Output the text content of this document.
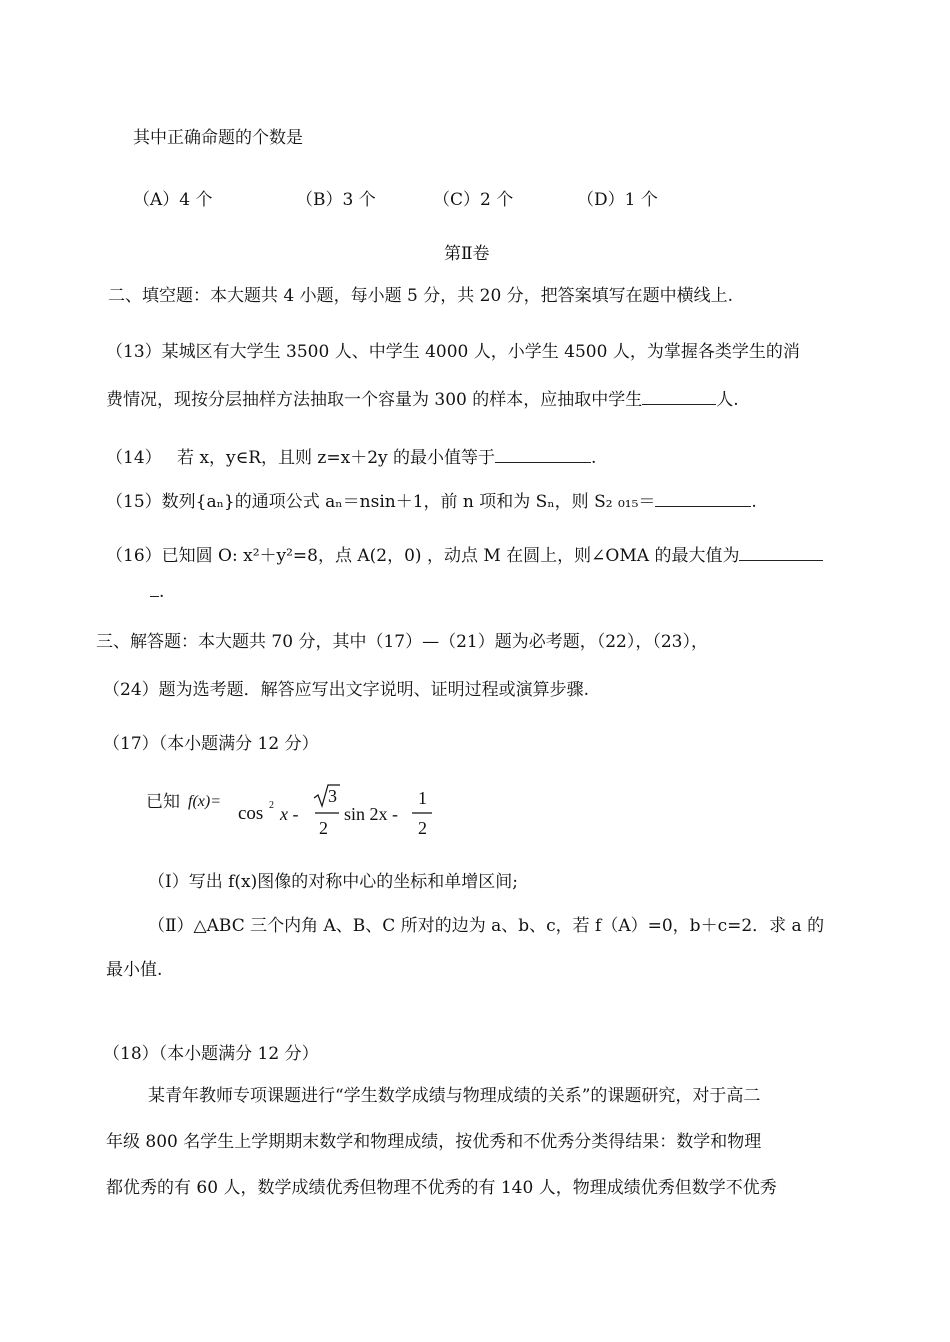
其中正确命题的个数是
（A）4 个	（B）3 个	（C）2 个	（D）1 个
第Ⅱ卷
二、填空题：本大题共 4 小题，每小题 5 分，共 20 分，把答案填写在题中横线上.
（13）某城区有大学生 3500 人、中学生 4000 人，小学生 4500 人，为掌握各类学生的消
费情况，现按分层抽样方法抽取一个容量为 300 的样本，应抽取中学生	人.
（14） 若 x，y∈R，且则 z=x＋2y 的最小值等于	.
（15）数列{aₙ}的通项公式 aₙ＝nsin＋1，前 n 项和为 Sₙ，则 S₂ ₀₁₅＝	.
（16）已知圆 O: x²＋y²=8，点 A(2，0) ，动点 M 在圆上，则∠OMA 的最大值为
.
三、解答题：本大题共 70 分，其中（17）—（21）题为必考题，（22），（23），
（24）题为选考题．解答应写出文字说明、证明过程或演算步骤.
（17）（本小题满分 12 分）
已知 f(x)=
cos 2 x -
3
2
sin 2x -
1
2
（Ⅰ）写出 f(x)图像的对称中心的坐标和单增区间;
（Ⅱ）△ABC 三个内角 A、B、C 所对的边为 a、b、c，若 f（A）=0，b＋c=2．求 a 的
最小值.
（18）（本小题满分 12 分）
某青年教师专项课题进行“学生数学成绩与物理成绩的关系”的课题研究，对于高二
年级 800 名学生上学期期末数学和物理成绩，按优秀和不优秀分类得结果：数学和物理
都优秀的有 60 人，数学成绩优秀但物理不优秀的有 140 人，物理成绩优秀但数学不优秀
